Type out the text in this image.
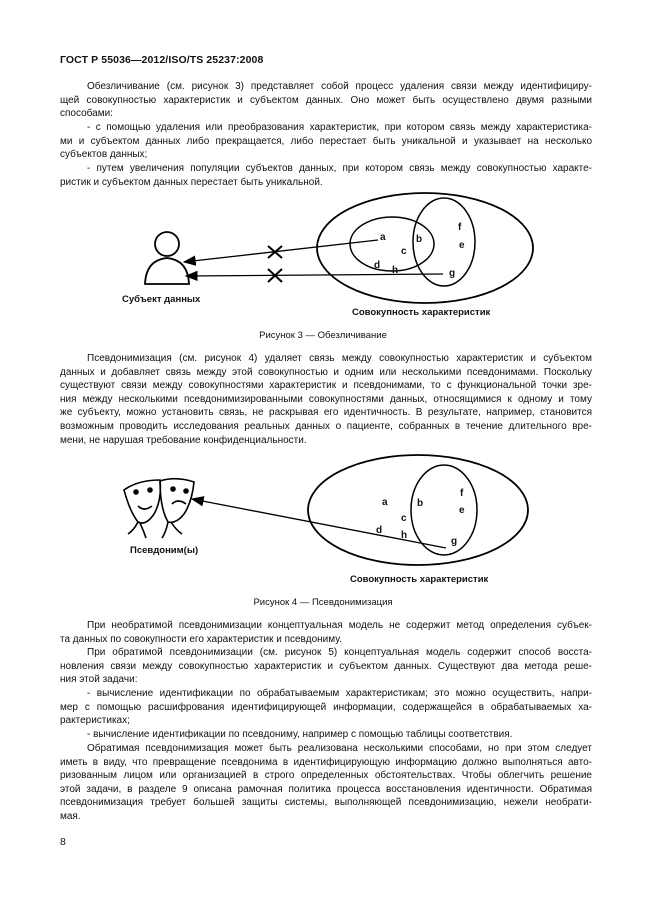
ГОСТ Р 55036—2012/ISO/TS 25237:2008
Обезличивание (см. рисунок 3) представляет собой процесс удаления связи между идентифициру-
щей совокупностью характеристик и субъектом данных. Оно может быть осуществлено двумя разными
способами:
- с помощью удаления или преобразования характеристик, при котором связь между характеристика-
ми и субъектом данных либо прекращается, либо перестает быть уникальной и указывает на несколько
субъектов данных;
- путем увеличения популяции субъектов данных, при котором связь между совокупностью характе-
ристик и субъектом данных перестает быть уникальной.
a	b
c
d h
f
e
g
Субъект данных
Совокупность характеристик
Рисунок 3 — Обезличивание
Псевдонимизация (см. рисунок 4) удаляет связь между совокупностью характеристик и субъектом
данных и добавляет связь между этой совокупностью и одним или несколькими псевдонимами. Поскольку
существуют связи между совокупностями характеристик и псевдонимами, то с функциональной точки зре-
ния между несколькими псевдонимизированными совокупностями данных, относящимися к одному и тому
же субъекту, можно установить связь, не раскрывая его идентичность. В результате, например, становится
возможным проводить исследования реальных данных о пациенте, собранных в течение длительного вре-
мени, не нарушая требование конфиденциальности.
a	b
c
d h
f
e
g
Псевдоним(ы)
Совокупность характеристик
Рисунок 4 — Псевдонимизация
При необратимой псевдонимизации концептуальная модель не содержит метод определения субъек-
та данных по совокупности его характеристик и псевдониму.
При обратимой псевдонимизации (см. рисунок 5) концептуальная модель содержит способ восста-
новления связи между совокупностью характеристик и субъектом данных. Существуют два метода реше-
ния этой задачи:
- вычисление идентификации по обрабатываемым характеристикам; это можно осуществить, напри-
мер с помощью расшифрования идентифицирующей информации, содержащейся в обрабатываемых ха-
рактеристиках;
- вычисление идентификации по псевдониму, например с помощью таблицы соответствия.
Обратимая псевдонимизация может быть реализована несколькими способами, но при этом следует
иметь в виду, что превращение псевдонима в идентифицирующую информацию должно выполняться авто-
ризованным лицом или организацией в строго определенных обстоятельствах. Чтобы облегчить решение
этой задачи, в разделе 9 описана рамочная политика процесса восстановления идентичности. Обратимая
псевдонимизация требует большей защиты системы, выполняющей псевдонимизацию, нежели необрати-
мая.
8
